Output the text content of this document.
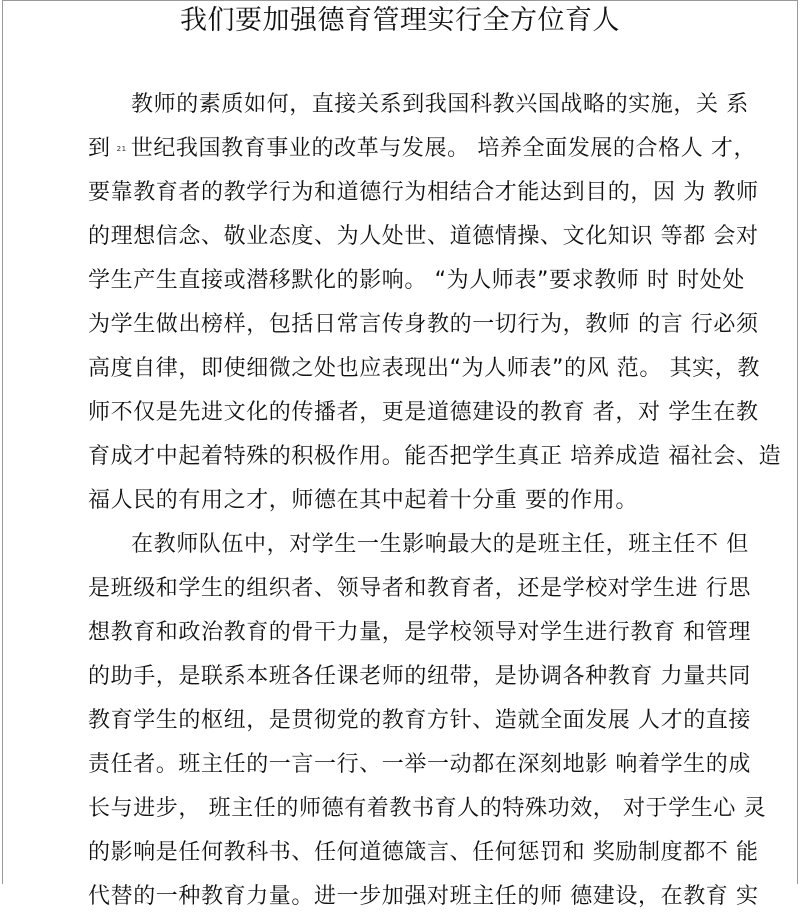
我们要加强德育管理实行全方位育人
教师的素质如何，直接关系到我国科教兴国战略的实施，关 系
到 21 世纪我国教育事业的改革与发展。 培养全面发展的合格人 才，
要靠教育者的教学行为和道德行为相结合才能达到目的，因 为 教师
的理想信念、敬业态度、为人处世、道德情操、文化知识 等都 会对
学生产生直接或潜移默化的影响。 “为人师表”要求教师 时 时处处
为学生做出榜样，包括日常言传身教的一切行为，教师 的言 行必须
高度自律，即使细微之处也应表现出“为人师表”的风 范。 其实，教
师不仅是先进文化的传播者，更是道德建设的教育 者，对 学生在教
育成才中起着特殊的积极作用。能否把学生真正 培养成造 福社会、造
福人民的有用之才，师德在其中起着十分重 要的作用。
在教师队伍中，对学生一生影响最大的是班主任，班主任不 但
是班级和学生的组织者、领导者和教育者，还是学校对学生进 行思
想教育和政治教育的骨干力量，是学校领导对学生进行教育 和管理
的助手，是联系本班各任课老师的纽带，是协调各种教育 力量共同
教育学生的枢纽，是贯彻党的教育方针、造就全面发展 人才的直接
责任者。班主任的一言一行、一举一动都在深刻地影 响着学生的成
长与进步， 班主任的师德有着教书育人的特殊功效， 对于学生心 灵
的影响是任何教科书、任何道德箴言、任何惩罚和 奖励制度都不 能
代替的一种教育力量。进一步加强对班主任的师 德建设，在教育 实
